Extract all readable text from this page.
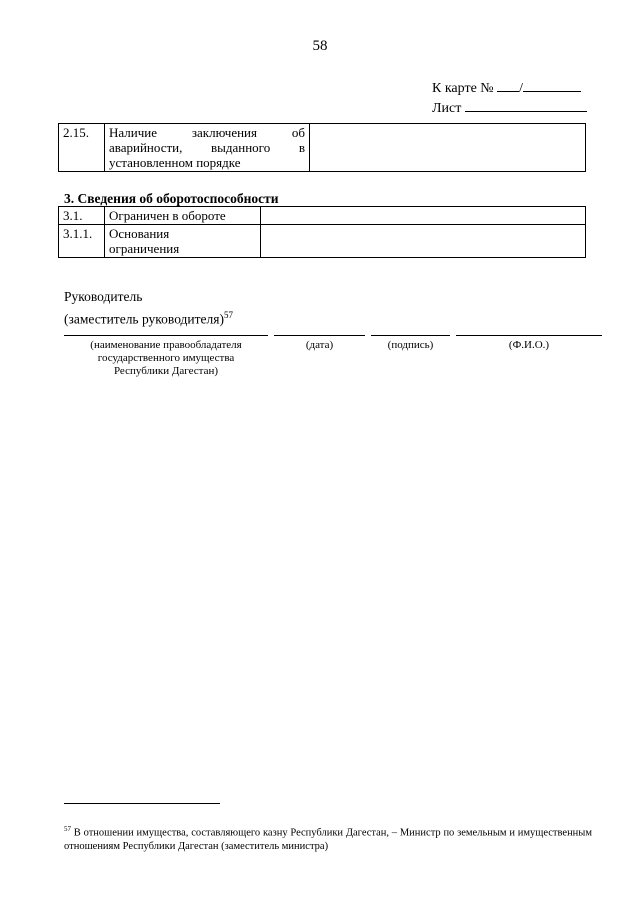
58
К карте № /
Лист
2.15.	Наличие заключения об
аварийности, выданного в
установленном порядке

3. Сведения об оборотоспособности
3.1.	Ограничен в обороте	
3.1.1.	Основания
ограничения	

Руководитель
(заместитель руководителя)$^{57}$
(наименование правообладателя
государственного имущества
Республики Дагестан)
(дата)	(подпись)	(Ф.И.О.)
$^{57}$ В отношении имущества, составляющего казну Республики Дагестан, – Министр по земельным и имущественным отношениям Республики Дагестан (заместитель министра)
